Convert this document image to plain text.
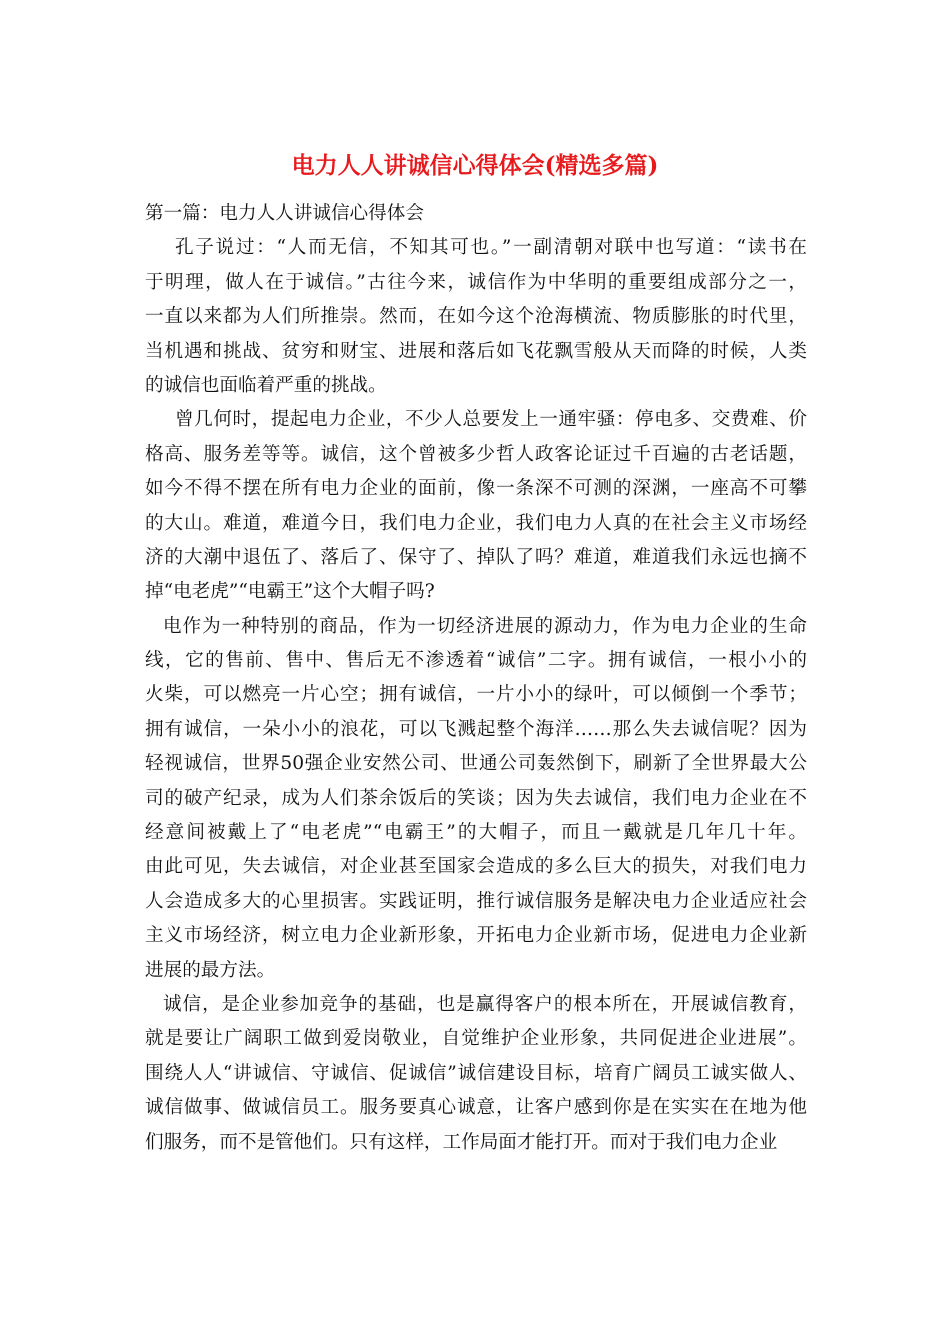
电力人人讲诚信心得体会(精选多篇)
第一篇：电力人人讲诚信心得体会
孔子说过：“人而无信，不知其可也。”一副清朝对联中也写道：“读书在
于明理，做人在于诚信。”古往今来，诚信作为中华明的重要组成部分之一，
一直以来都为人们所推崇。然而，在如今这个沧海横流、物质膨胀的时代里，
当机遇和挑战、贫穷和财宝、进展和落后如飞花飘雪般从天而降的时候，人类
的诚信也面临着严重的挑战。
曾几何时，提起电力企业，不少人总要发上一通牢骚：停电多、交费难、价
格高、服务差等等。诚信，这个曾被多少哲人政客论证过千百遍的古老话题，
如今不得不摆在所有电力企业的面前，像一条深不可测的深渊，一座高不可攀
的大山。难道，难道今日，我们电力企业，我们电力人真的在社会主义市场经
济的大潮中退伍了、落后了、保守了、掉队了吗？难道，难道我们永远也摘不
掉“电老虎”“电霸王”这个大帽子吗?
电作为一种特别的商品，作为一切经济进展的源动力，作为电力企业的生命
线，它的售前、售中、售后无不渗透着“诚信”二字。拥有诚信，一根小小的
火柴，可以燃亮一片心空；拥有诚信，一片小小的绿叶，可以倾倒一个季节；
拥有诚信，一朵小小的浪花，可以飞溅起整个海洋……那么失去诚信呢？因为
轻视诚信，世界50强企业安然公司、世通公司轰然倒下，刷新了全世界最大公
司的破产纪录，成为人们茶余饭后的笑谈；因为失去诚信，我们电力企业在不
经意间被戴上了“电老虎”“电霸王”的大帽子，而且一戴就是几年几十年。
由此可见，失去诚信，对企业甚至国家会造成的多么巨大的损失，对我们电力
人会造成多大的心里损害。实践证明，推行诚信服务是解决电力企业适应社会
主义市场经济，树立电力企业新形象，开拓电力企业新市场，促进电力企业新
进展的最方法。
诚信，是企业参加竞争的基础，也是赢得客户的根本所在，开展诚信教育，
就是要让广阔职工做到爱岗敬业，自觉维护企业形象，共同促进企业进展”。
围绕人人“讲诚信、守诚信、促诚信”诚信建设目标，培育广阔员工诚实做人、
诚信做事、做诚信员工。服务要真心诚意，让客户感到你是在实实在在地为他
们服务，而不是管他们。只有这样，工作局面才能打开。而对于我们电力企业
